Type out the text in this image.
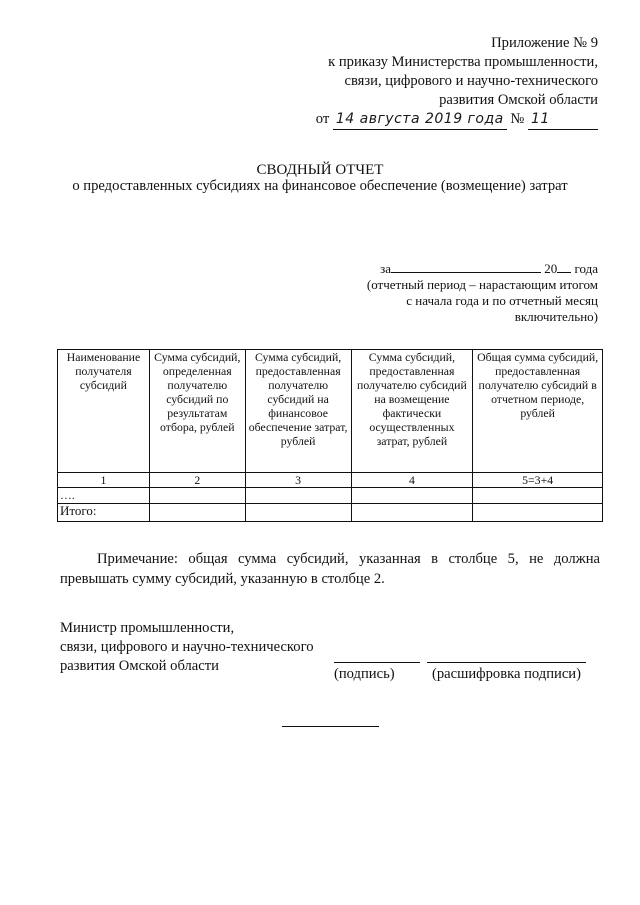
Приложение № 9
к приказу Министерства промышленности,
связи, цифрового и научно-технического
развития Омской области
от 14 августа 2019 года № 11
СВОДНЫЙ ОТЧЕТ
о предоставленных субсидиях на финансовое обеспечение (возмещение) затрат
за	20 года
(отчетный период – нарастающим итогом
с начала года и по отчетный месяц
включительно)
Наименование получателя субсидий	Сумма субсидий, определенная получателю субсидий по результатам отбора, рублей	Сумма субсидий, предоставленная получателю субсидий на финансовое обеспечение затрат, рублей	Сумма субсидий, предоставленная получателю субсидий на возмещение фактически осуществленных затрат, рублей	Общая сумма субсидий, предоставленная получателю субсидий в отчетном периоде, рублей
1	2	3	4	5=3+4
….				
Итого:				
Примечание: общая сумма субсидий, указанная в столбце 5, не должна превышать сумму субсидий, указанную в столбце 2.
Министр промышленности,
связи, цифрового и научно-технического
развития Омской области	(подпись)	(расшифровка подписи)
